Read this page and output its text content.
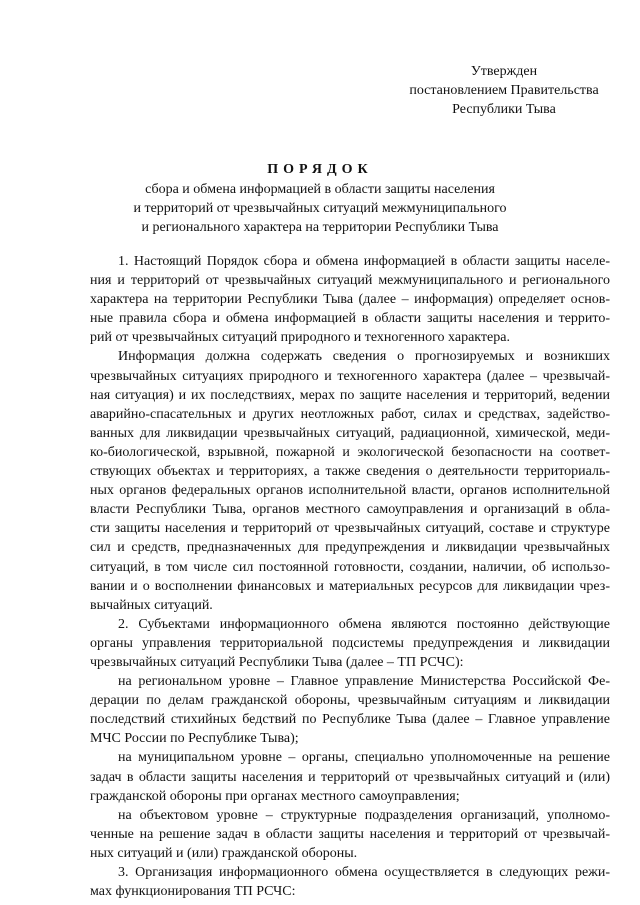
Утвержден
постановлением Правительства
Республики Тыва
ПОРЯДОК
сбора и обмена информацией в области защиты населения
и территорий от чрезвычайных ситуаций межмуниципального
и регионального характера на территории Республики Тыва
1. Настоящий Порядок сбора и обмена информацией в области защиты населе-
ния и территорий от чрезвычайных ситуаций межмуниципального и регионального
характера на территории Республики Тыва (далее – информация) определяет основ-
ные правила сбора и обмена информацией в области защиты населения и террито-
рий от чрезвычайных ситуаций природного и техногенного характера.
Информация должна содержать сведения о прогнозируемых и возникших
чрезвычайных ситуациях природного и техногенного характера (далее – чрезвычай-
ная ситуация) и их последствиях, мерах по защите населения и территорий, ведении
аварийно-спасательных и других неотложных работ, силах и средствах, задейство-
ванных для ликвидации чрезвычайных ситуаций, радиационной, химической, меди-
ко-биологической, взрывной, пожарной и экологической безопасности на соответ-
ствующих объектах и территориях, а также сведения о деятельности территориаль-
ных органов федеральных органов исполнительной власти, органов исполнительной
власти Республики Тыва, органов местного самоуправления и организаций в обла-
сти защиты населения и территорий от чрезвычайных ситуаций, составе и структуре
сил и средств, предназначенных для предупреждения и ликвидации чрезвычайных
ситуаций, в том числе сил постоянной готовности, создании, наличии, об использо-
вании и о восполнении финансовых и материальных ресурсов для ликвидации чрез-
вычайных ситуаций.
2. Субъектами информационного обмена являются постоянно действующие
органы управления территориальной подсистемы предупреждения и ликвидации
чрезвычайных ситуаций Республики Тыва (далее – ТП РСЧС):
на региональном уровне – Главное управление Министерства Российской Фе-
дерации по делам гражданской обороны, чрезвычайным ситуациям и ликвидации
последствий стихийных бедствий по Республике Тыва (далее – Главное управление
МЧС России по Республике Тыва);
на муниципальном уровне – органы, специально уполномоченные на решение
задач в области защиты населения и территорий от чрезвычайных ситуаций и (или)
гражданской обороны при органах местного самоуправления;
на объектовом уровне – структурные подразделения организаций, уполномо-
ченные на решение задач в области защиты населения и территорий от чрезвычай-
ных ситуаций и (или) гражданской обороны.
3. Организация информационного обмена осуществляется в следующих режи-
мах функционирования ТП РСЧС:
